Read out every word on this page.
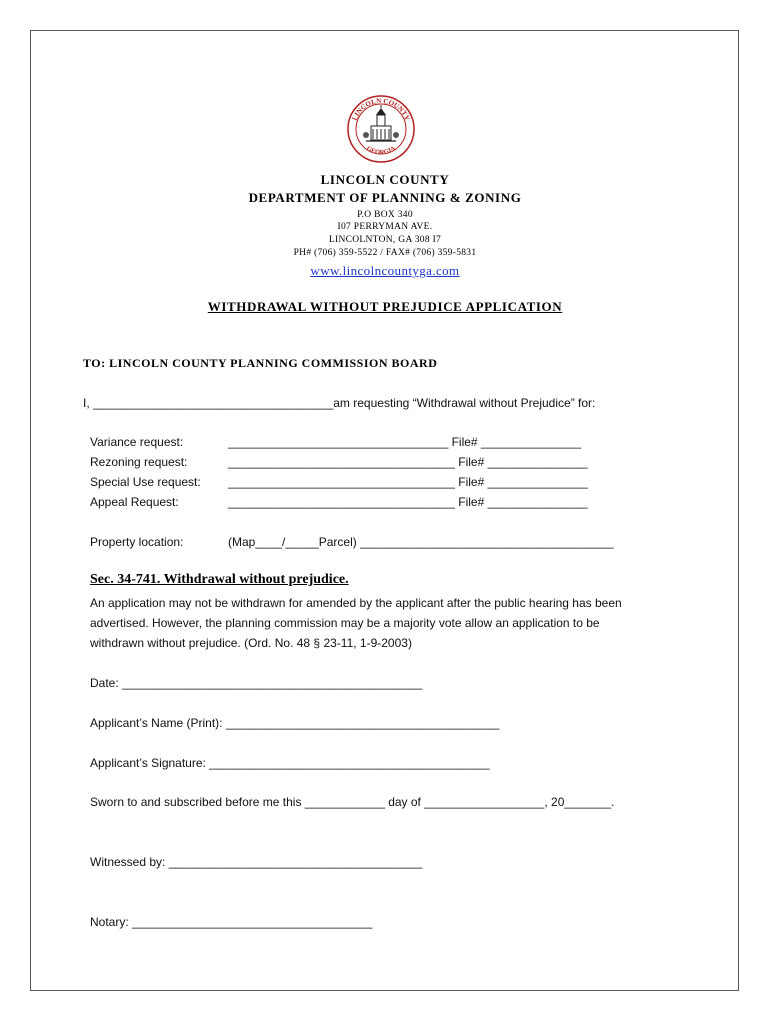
LINCOLN COUNTY
GEORGIA
LINCOLN COUNTY
DEPARTMENT OF PLANNING & ZONING
P.O BOX 340
I07 PERRYMAN AVE.
LINCOLNTON, GA 308 I7
PH# (706) 359-5522 / FAX# (706) 359-5831
www.lincolncountyga.com
WITHDRAWAL WITHOUT PREJUDICE APPLICATION
TO: LINCOLN COUNTY PLANNING COMMISSION BOARD
I, ____________________________________am requesting “Withdrawal without Prejudice” for:
Variance request:	_________________________________ File# _______________
Rezoning request:	__________________________________ File# _______________
Special Use request: __________________________________ File# _______________
Appeal Request:	__________________________________ File# _______________
Property location:	(Map____/_____Parcel) ______________________________________
Sec. 34-741. Withdrawal without prejudice.
An application may not be withdrawn for amended by the applicant after the public hearing has been
advertised. However, the planning commission may be a majority vote allow an application to be
withdrawn without prejudice. (Ord. No. 48 § 23-11, 1-9-2003)
Date: _____________________________________________
Applicant’s Name (Print): _________________________________________
Applicant’s Signature: __________________________________________
Sworn to and subscribed before me this ____________ day of __________________, 20_______.
Witnessed by: ______________________________________
Notary: ____________________________________
